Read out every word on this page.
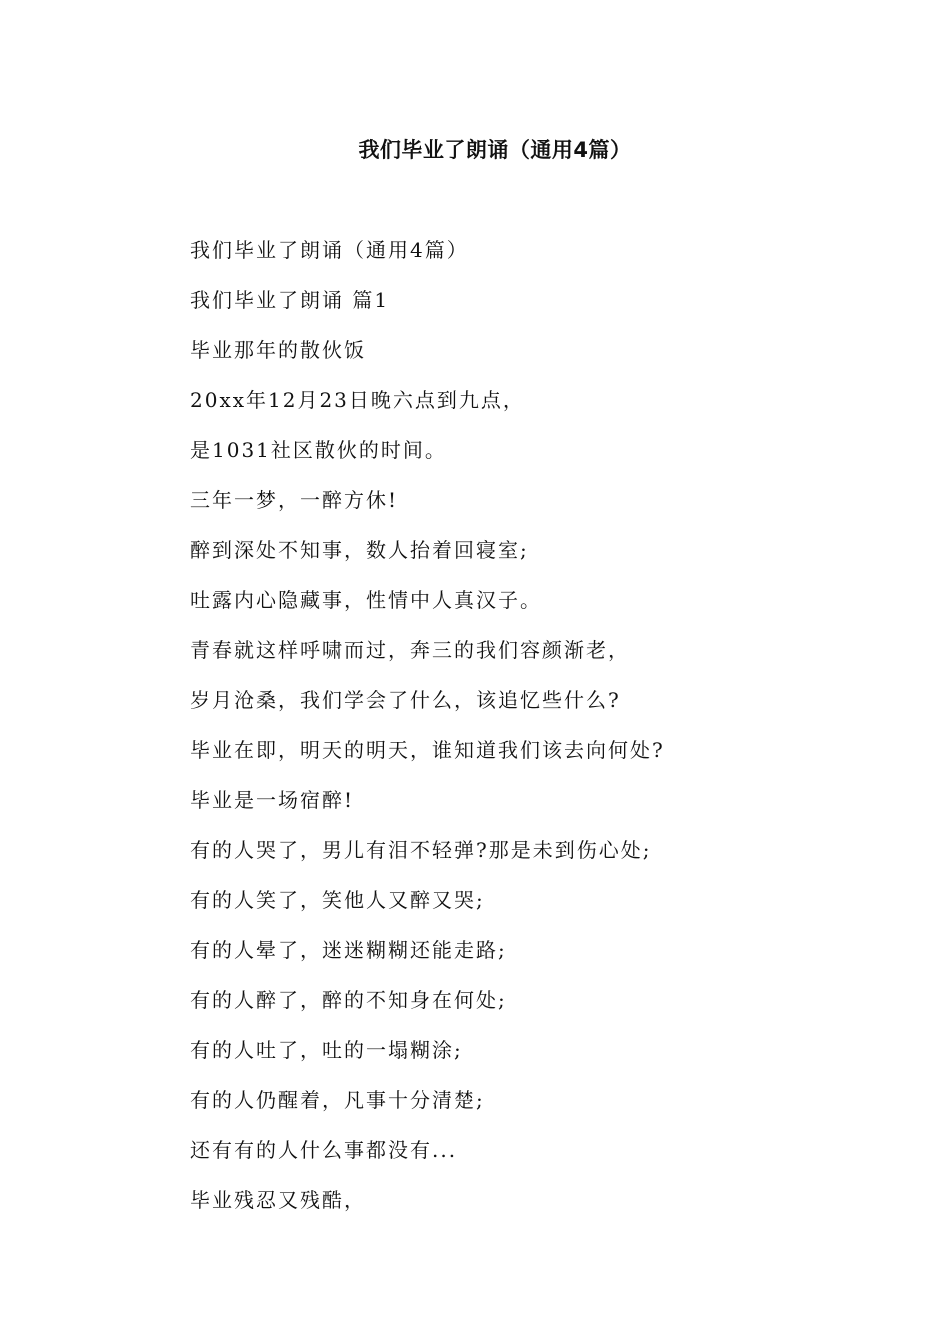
我们毕业了朗诵（通用4篇）
我们毕业了朗诵（通用4篇）
我们毕业了朗诵 篇1
毕业那年的散伙饭
20xx年12月23日晚六点到九点，
是1031社区散伙的时间。
三年一梦，一醉方休!
醉到深处不知事，数人抬着回寝室;
吐露内心隐藏事，性情中人真汉子。
青春就这样呼啸而过，奔三的我们容颜渐老，
岁月沧桑，我们学会了什么，该追忆些什么?
毕业在即，明天的明天，谁知道我们该去向何处?
毕业是一场宿醉!
有的人哭了，男儿有泪不轻弹?那是未到伤心处;
有的人笑了，笑他人又醉又哭;
有的人晕了，迷迷糊糊还能走路;
有的人醉了，醉的不知身在何处;
有的人吐了，吐的一塌糊涂;
有的人仍醒着，凡事十分清楚;
还有有的人什么事都没有...
毕业残忍又残酷，
